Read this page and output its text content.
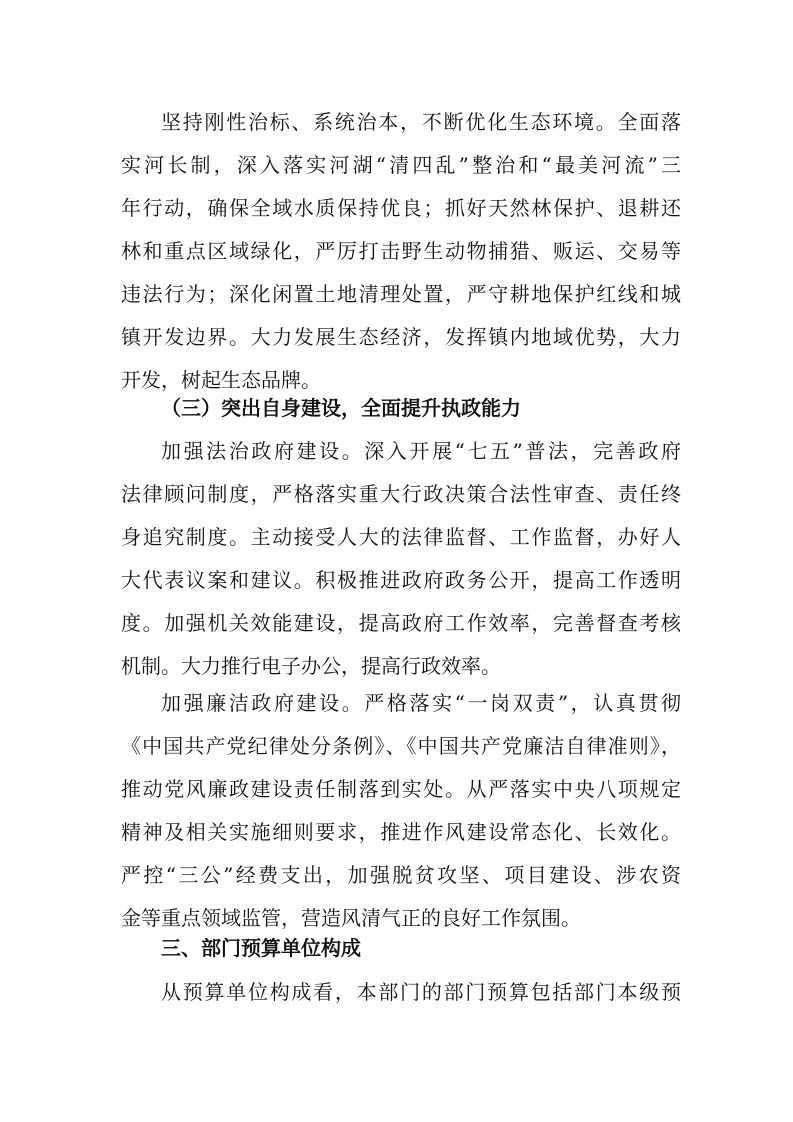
坚持刚性治标、系统治本，不断优化生态环境。全面落
实河长制，深入落实河湖“清四乱”整治和“最美河流”三
年行动，确保全域水质保持优良；抓好天然林保护、退耕还
林和重点区域绿化，严厉打击野生动物捕猎、贩运、交易等
违法行为；深化闲置土地清理处置，严守耕地保护红线和城
镇开发边界。大力发展生态经济，发挥镇内地域优势，大力
开发，树起生态品牌。
（三）突出自身建设，全面提升执政能力
加强法治政府建设。深入开展“七五”普法，完善政府
法律顾问制度，严格落实重大行政决策合法性审查、责任终
身追究制度。主动接受人大的法律监督、工作监督，办好人
大代表议案和建议。积极推进政府政务公开，提高工作透明
度。加强机关效能建设，提高政府工作效率，完善督查考核
机制。大力推行电子办公，提高行政效率。
加强廉洁政府建设。严格落实“一岗双责”，认真贯彻
《中国共产党纪律处分条例》、《中国共产党廉洁自律准则》，
推动党风廉政建设责任制落到实处。从严落实中央八项规定
精神及相关实施细则要求，推进作风建设常态化、长效化。
严控“三公”经费支出，加强脱贫攻坚、项目建设、涉农资
金等重点领域监管，营造风清气正的良好工作氛围。
三、部门预算单位构成
从预算单位构成看，本部门的部门预算包括部门本级预
